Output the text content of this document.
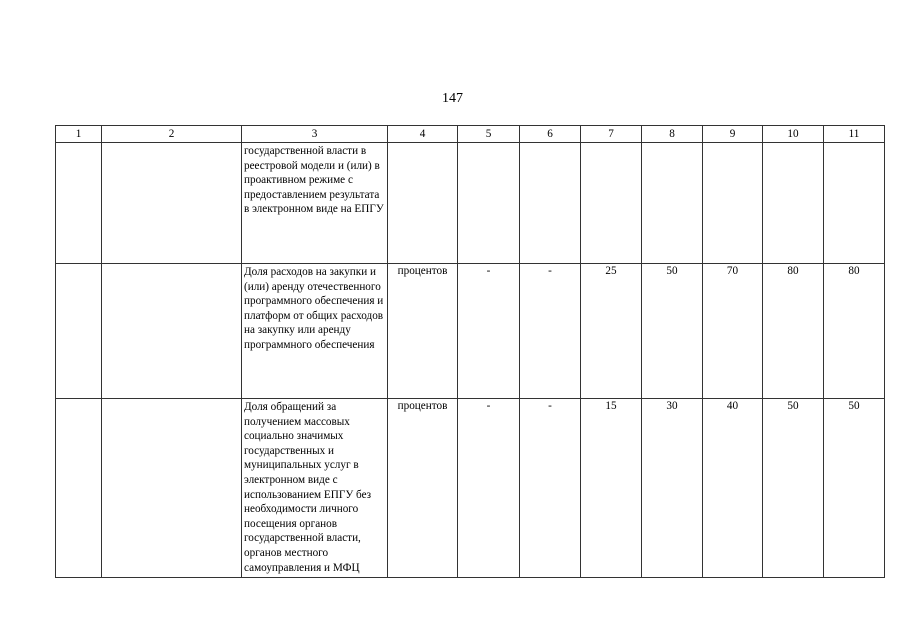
147
1	2	3	4	5	6	7	8	9	10	11

		государственной власти в реестровой модели и (или) в проактивном режиме с предоставлением результата в электронном виде на ЕПГУ								

		Доля расходов на закупки и (или) аренду отечественного программного обеспечения и платформ от общих расходов на закупку или аренду программного обеспечения	процентов	-	-	25	50	70	80	80

		Доля обращений за получением массовых социально значимых государственных и муниципальных услуг в электронном виде с использованием ЕПГУ без необходимости личного посещения органов государственной власти, органов местного самоуправления и МФЦ	процентов	-	-	15	30	40	50	50
